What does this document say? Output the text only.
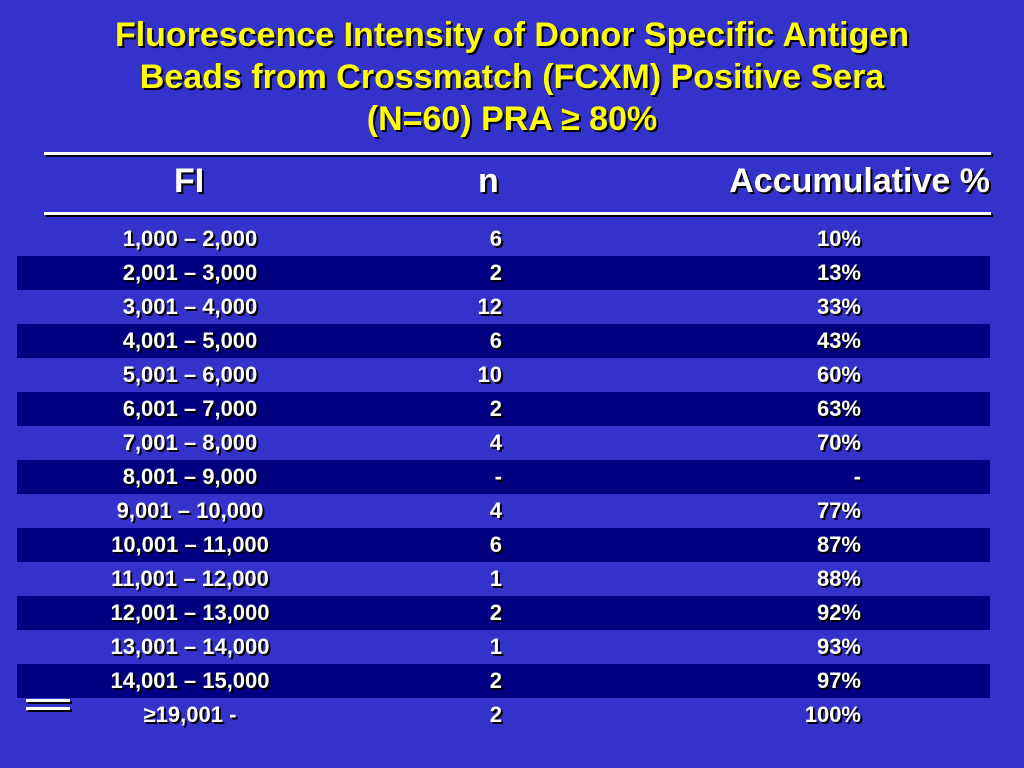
Fluorescence Intensity of Donor Specific Antigen
Beads from Crossmatch (FCXM) Positive Sera
(N=60) PRA ≥ 80%
FI	n	Accumulative %
1,000 – 2,000	6	10%
2,001 – 3,000	2	13%
3,001 – 4,000	12	33%
4,001 – 5,000	6	43%
5,001 – 6,000	10	60%
6,001 – 7,000	2	63%
7,001 – 8,000	4	70%
8,001 – 9,000	-	-
9,001 – 10,000	4	77%
10,001 – 11,000	6	87%
11,001 – 12,000	1	88%
12,001 – 13,000	2	92%
13,001 – 14,000	1	93%
14,001 – 15,000	2	97%
≥19,001 -	2	100%
